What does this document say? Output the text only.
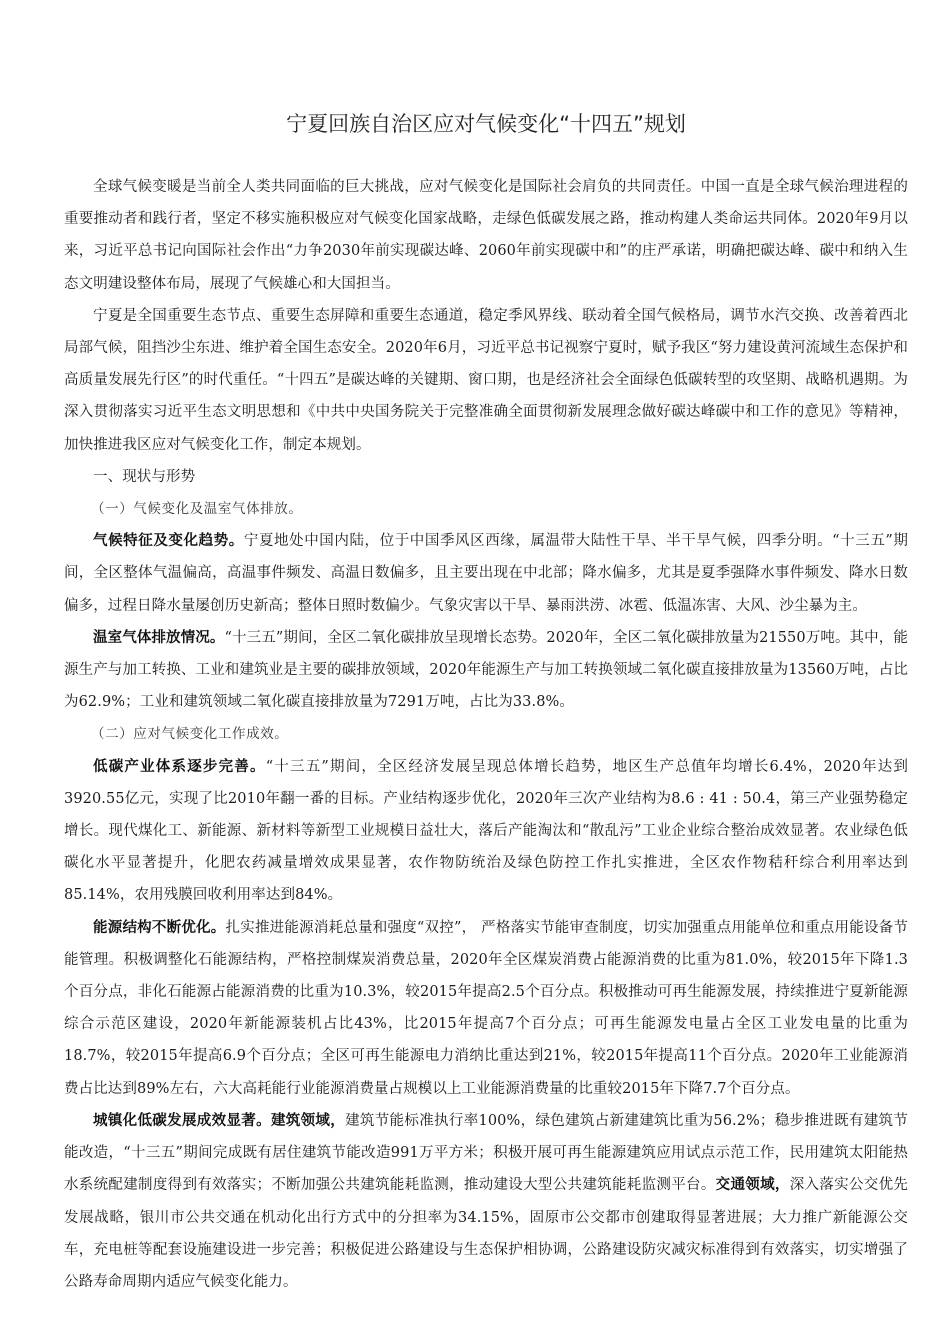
宁夏回族自治区应对气候变化“十四五”规划

全球气候变暖是当前全人类共同面临的巨大挑战，应对气候变化是国际社会肩负的共同责任。中国一直是全球气候治理进程的重要推动者和践行者，坚定不移实施积极应对气候变化国家战略，走绿色低碳发展之路，推动构建人类命运共同体。2020年9月以来，习近平总书记向国际社会作出“力争2030年前实现碳达峰、2060年前实现碳中和”的庄严承诺，明确把碳达峰、碳中和纳入生态文明建设整体布局，展现了气候雄心和大国担当。

宁夏是全国重要生态节点、重要生态屏障和重要生态通道，稳定季风界线、联动着全国气候格局，调节水汽交换、改善着西北局部气候，阻挡沙尘东进、维护着全国生态安全。2020年6月，习近平总书记视察宁夏时，赋予我区“努力建设黄河流域生态保护和高质量发展先行区”的时代重任。“十四五”是碳达峰的关键期、窗口期，也是经济社会全面绿色低碳转型的攻坚期、战略机遇期。为深入贯彻落实习近平生态文明思想和《中共中央国务院关于完整准确全面贯彻新发展理念做好碳达峰碳中和工作的意见》等精神，加快推进我区应对气候变化工作，制定本规划。

一、现状与形势

（一）气候变化及温室气体排放。

气候特征及变化趋势。宁夏地处中国内陆，位于中国季风区西缘，属温带大陆性干旱、半干旱气候，四季分明。“十三五”期间，全区整体气温偏高，高温事件频发、高温日数偏多，且主要出现在中北部；降水偏多，尤其是夏季强降水事件频发、降水日数偏多，过程日降水量屡创历史新高；整体日照时数偏少。气象灾害以干旱、暴雨洪涝、冰雹、低温冻害、大风、沙尘暴为主。

温室气体排放情况。“十三五”期间，全区二氧化碳排放呈现增长态势。2020年，全区二氧化碳排放量为21550万吨。其中，能源生产与加工转换、工业和建筑业是主要的碳排放领域，2020年能源生产与加工转换领域二氧化碳直接排放量为13560万吨，占比为62.9%；工业和建筑领域二氧化碳直接排放量为7291万吨，占比为33.8%。

（二）应对气候变化工作成效。

低碳产业体系逐步完善。“十三五”期间，全区经济发展呈现总体增长趋势，地区生产总值年均增长6.4%，2020年达到3920.55亿元，实现了比2010年翻一番的目标。产业结构逐步优化，2020年三次产业结构为8.6 : 41 : 50.4，第三产业强势稳定增长。现代煤化工、新能源、新材料等新型工业规模日益壮大，落后产能淘汰和“散乱污”工业企业综合整治成效显著。农业绿色低碳化水平显著提升，化肥农药减量增效成果显著，农作物防统治及绿色防控工作扎实推进，全区农作物秸秆综合利用率达到85.14%，农用残膜回收利用率达到84%。

能源结构不断优化。扎实推进能源消耗总量和强度“双控”， 严格落实节能审查制度，切实加强重点用能单位和重点用能设备节能管理。积极调整化石能源结构，严格控制煤炭消费总量，2020年全区煤炭消费占能源消费的比重为81.0%，较2015年下降1.3个百分点，非化石能源占能源消费的比重为10.3%，较2015年提高2.5个百分点。积极推动可再生能源发展，持续推进宁夏新能源综合示范区建设，2020年新能源装机占比43%，比2015年提高7个百分点；可再生能源发电量占全区工业发电量的比重为18.7%，较2015年提高6.9个百分点；全区可再生能源电力消纳比重达到21%，较2015年提高11个百分点。2020年工业能源消费占比达到89%左右，六大高耗能行业能源消费量占规模以上工业能源消费量的比重较2015年下降7.7个百分点。

城镇化低碳发展成效显著。建筑领域，建筑节能标准执行率100%，绿色建筑占新建建筑比重为56.2%；稳步推进既有建筑节能改造，“十三五”期间完成既有居住建筑节能改造991万平方米；积极开展可再生能源建筑应用试点示范工作，民用建筑太阳能热水系统配建制度得到有效落实；不断加强公共建筑能耗监测，推动建设大型公共建筑能耗监测平台。交通领域，深入落实公交优先发展战略，银川市公共交通在机动化出行方式中的分担率为34.15%，固原市公交都市创建取得显著进展；大力推广新能源公交车，充电桩等配套设施建设进一步完善；积极促进公路建设与生态保护相协调，公路建设防灾减灾标准得到有效落实，切实增强了公路寿命周期内适应气候变化能力。
